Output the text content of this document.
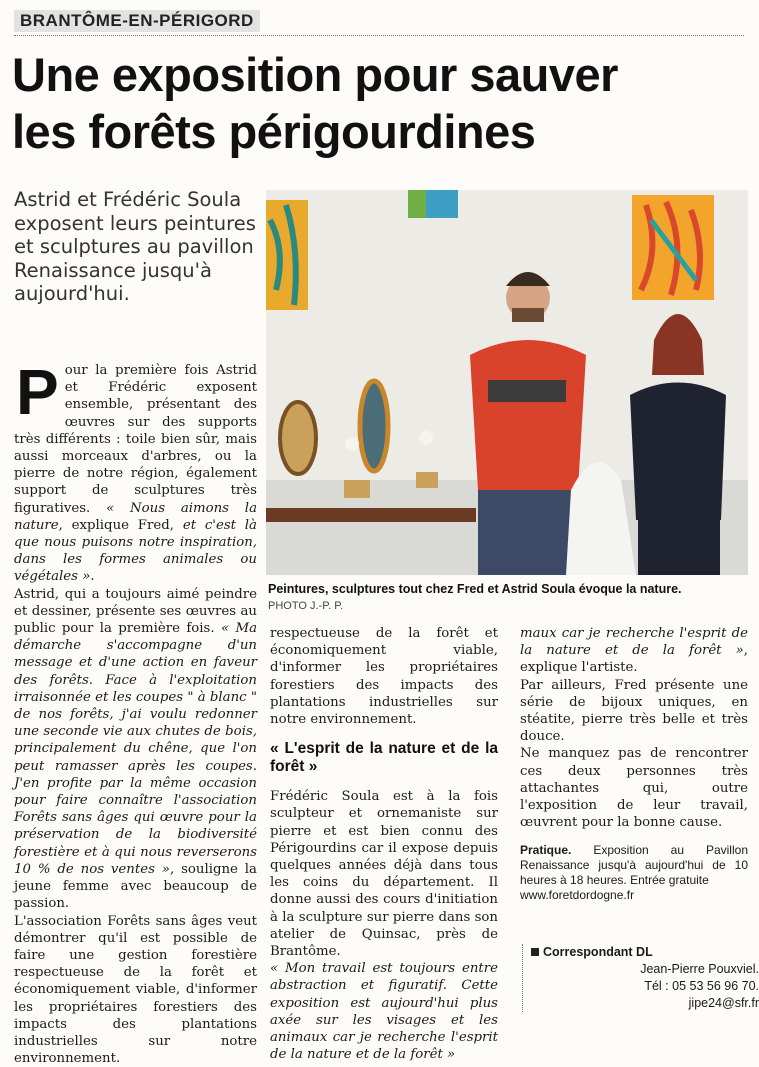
BRANTÔME-EN-PÉRIGORD
Une exposition pour sauver
les forêts périgourdines
Astrid et Frédéric Soula exposent leurs peintures et sculptures au pavillon Renaissance jusqu'à aujourd'hui.
Peintures, sculptures tout chez Fred et Astrid Soula évoque la nature.
PHOTO J.-P. P.

Pour la première fois Astrid et Frédéric exposent ensemble, présentant des œuvres sur des supports très différents : toile bien sûr, mais aussi morceaux d'arbres, ou la pierre de notre région, également support de sculptures très figuratives. « Nous aimons la nature, explique Fred, et c'est là que nous puisons notre inspiration, dans les formes animales ou végétales ».

Astrid, qui a toujours aimé peindre et dessiner, présente ses œuvres au public pour la première fois. « Ma démarche s'accompagne d'un message et d'une action en faveur des forêts. Face à l'exploitation irraisonnée et les coupes " à blanc " de nos forêts, j'ai voulu redonner une seconde vie aux chutes de bois, principalement du chêne, que l'on peut ramasser après les coupes. J'en profite par la même occasion pour faire connaître l'association Forêts sans âges qui œuvre pour la préservation de la biodiversité forestière et à qui nous reverserons 10 % de nos ventes », souligne la jeune femme avec beaucoup de passion.

L'association Forêts sans âges veut démontrer qu'il est possible de faire une gestion forestière respectueuse de la forêt et économiquement viable, d'informer les propriétaires forestiers des impacts des plantations industrielles sur notre environnement.

respectueuse de la forêt et économiquement viable, d'informer les propriétaires forestiers des impacts des plantations industrielles sur notre environnement.

« L'esprit de la nature et de la forêt »

Frédéric Soula est à la fois sculpteur et ornemaniste sur pierre et est bien connu des Périgourdins car il expose depuis quelques années déjà dans tous les coins du département. Il donne aussi des cours d'initiation à la sculpture sur pierre dans son atelier de Quinsac, près de Brantôme.

« Mon travail est toujours entre abstraction et figuratif. Cette exposition est aujourd'hui plus axée sur les visages et les animaux car je recherche l'esprit de la nature et de la forêt »

maux car je recherche l'esprit de la nature et de la forêt », explique l'artiste.

Par ailleurs, Fred présente une série de bijoux uniques, en stéatite, pierre très belle et très douce.

Ne manquez pas de rencontrer ces deux personnes très attachantes qui, outre l'exposition de leur travail, œuvrent pour la bonne cause.

Pratique. Exposition au Pavillon Renaissance jusqu'à aujourd'hui de 10 heures à 18 heures. Entrée gratuite
www.foretdordogne.fr
Correspondant DL
Jean-Pierre Pouxviel.
Tél : 05 53 56 96 70.
jipe24@sfr.fr
